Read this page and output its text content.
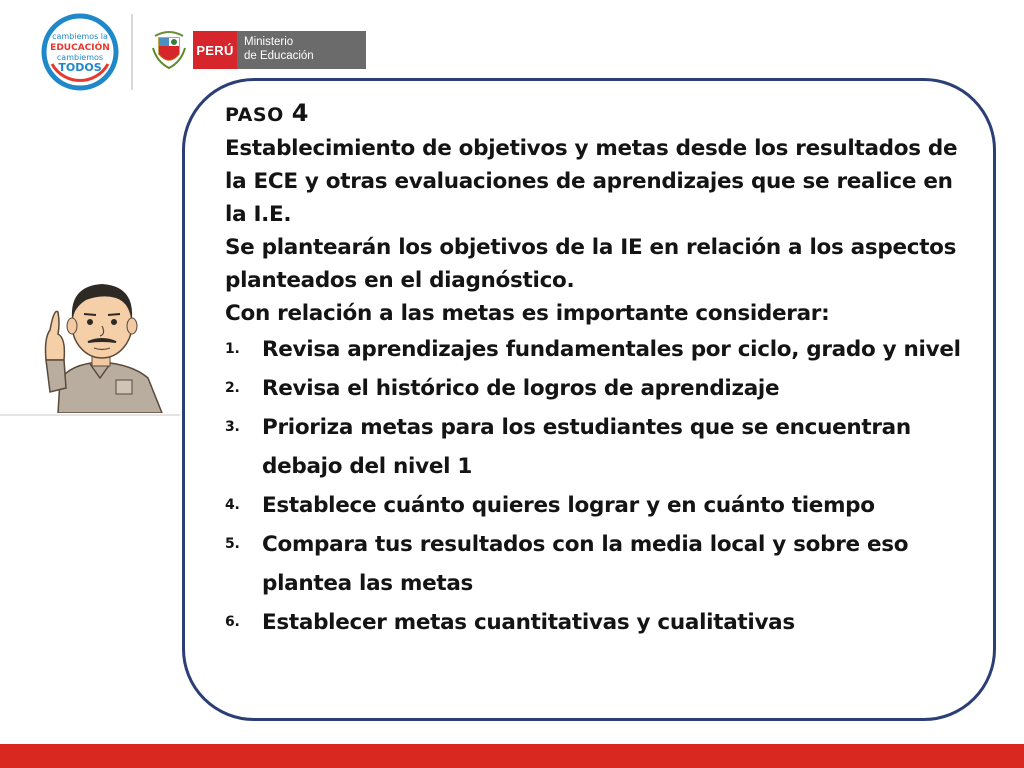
cambiemos la
EDUCACIÓN
cambiemos
TODOS
PERÚ
Ministerio
de Educación
PASO 4

Establecimiento de objetivos y metas desde los resultados de la ECE y otras evaluaciones de aprendizajes que se realice en la I.E.

Se plantearán los objetivos de la IE en relación a los aspectos planteados en el diagnóstico.

Con relación a las metas es importante considerar:

1.	Revisa aprendizajes fundamentales por ciclo, grado y nivel
2.	Revisa el histórico de logros de aprendizaje
3.	Prioriza metas para los estudiantes que se encuentran debajo del nivel 1
4.	Establece cuánto quieres lograr y en cuánto tiempo
5.	Compara tus resultados con la media local y sobre eso plantea las metas
6.	Establecer metas cuantitativas y cualitativas
